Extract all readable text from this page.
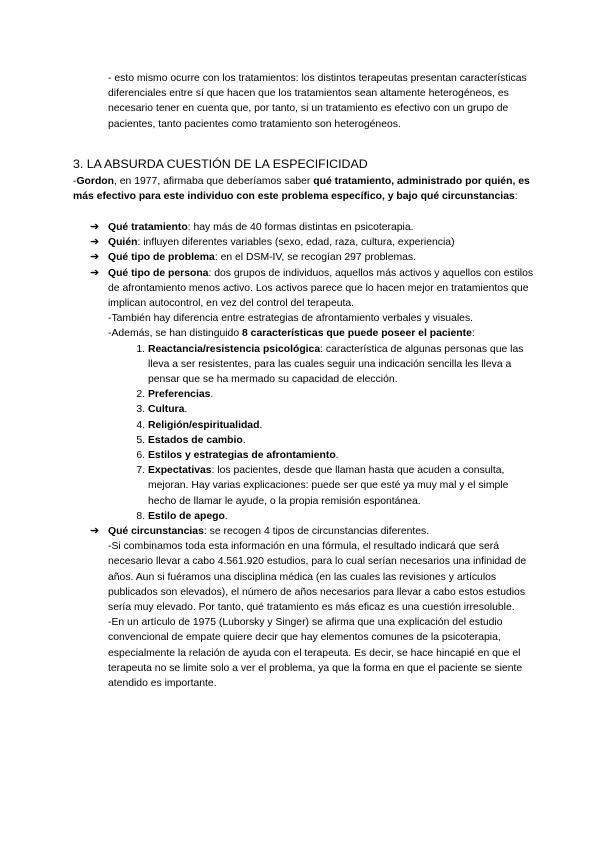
- esto mismo ocurre con los tratamientos: los distintos terapeutas presentan características diferenciales entre sí que hacen que los tratamientos sean altamente heterogéneos, es necesario tener en cuenta que, por tanto, si un tratamiento es efectivo con un grupo de pacientes, tanto pacientes como tratamiento son heterogéneos.

3. LA ABSURDA CUESTIÓN DE LA ESPECIFICIDAD

-Gordon, en 1977, afirmaba que deberíamos saber qué tratamiento, administrado por quién, es más efectivo para este individuo con este problema específico, y bajo qué circunstancias:

➔ Qué tratamiento: hay más de 40 formas distintas en psicoterapia.
➔ Quién: influyen diferentes variables (sexo, edad, raza, cultura, experiencia)
➔ Qué tipo de problema: en el DSM-IV, se recogían 297 problemas.
➔ Qué tipo de persona: dos grupos de individuos, aquellos más activos y aquellos con estilos de afrontamiento menos activo. Los activos parece que lo hacen mejor en tratamientos que implican autocontrol, en vez del control del terapeuta.

-También hay diferencia entre estrategias de afrontamiento verbales y visuales.

-Además, se han distinguido 8 características que puede poseer el paciente:

1. Reactancia/resistencia psicológica: característica de algunas personas que las lleva a ser resistentes, para las cuales seguir una indicación sencilla les lleva a pensar que se ha mermado su capacidad de elección.
2. Preferencias.
3. Cultura.
4. Religión/espiritualidad.
5. Estados de cambio.
6. Estilos y estrategias de afrontamiento.
7. Expectativas: los pacientes, desde que llaman hasta que acuden a consulta, mejoran. Hay varias explicaciones: puede ser que esté ya muy mal y el simple hecho de llamar le ayude, o la propia remisión espontánea.
8. Estilo de apego.
➔ Qué circunstancias: se recogen 4 tipos de circunstancias diferentes.

-Si combinamos toda esta información en una fórmula, el resultado indicará que será necesario llevar a cabo 4.561.920 estudios, para lo cual serían necesarios una infinidad de años. Aun si fuéramos una disciplina médica (en las cuales las revisiones y artículos publicados son elevados), el número de años necesarios para llevar a cabo estos estudios sería muy elevado. Por tanto, qué tratamiento es más eficaz es una cuestión irresoluble.

-En un artículo de 1975 (Luborsky y Singer) se afirma que una explicación del estudio convencional de empate quiere decir que hay elementos comunes de la psicoterapia, especialmente la relación de ayuda con el terapeuta. Es decir, se hace hincapié en que el terapeuta no se limite solo a ver el problema, ya que la forma en que el paciente se siente atendido es importante.
